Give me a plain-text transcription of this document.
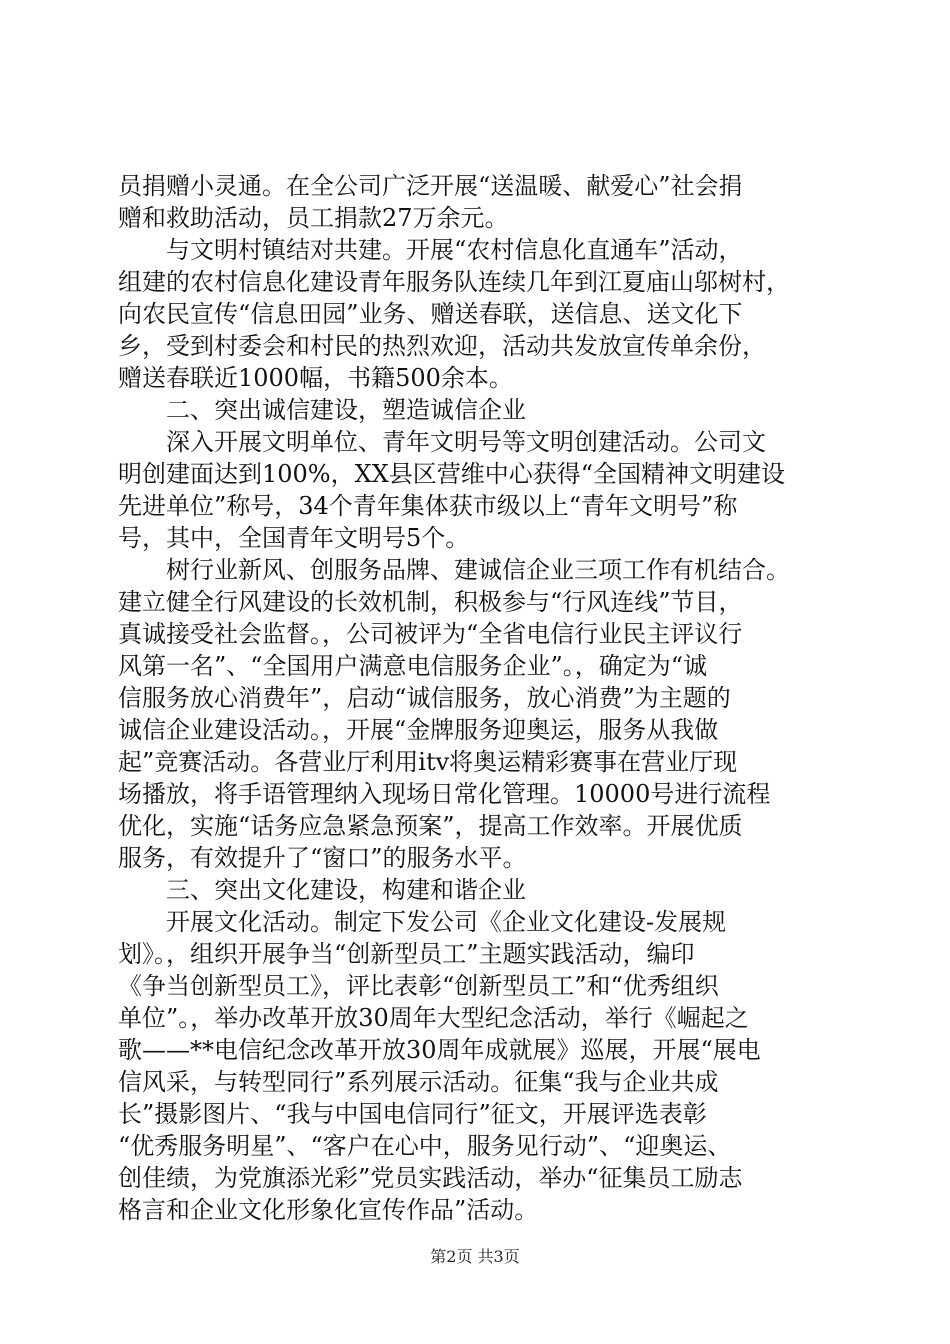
员捐赠小灵通。在全公司广泛开展“送温暖、献爱心”社会捐
赠和救助活动，员工捐款27万余元。
与文明村镇结对共建。开展“农村信息化直通车”活动，
组建的农村信息化建设青年服务队连续几年到江夏庙山邬树村，
向农民宣传“信息田园”业务、赠送春联，送信息、送文化下
乡，受到村委会和村民的热烈欢迎，活动共发放宣传单余份，
赠送春联近1000幅，书籍500余本。
二、突出诚信建设，塑造诚信企业
深入开展文明单位、青年文明号等文明创建活动。公司文
明创建面达到100%，XX县区营维中心获得“全国精神文明建设
先进单位”称号，34个青年集体获市级以上“青年文明号”称
号，其中，全国青年文明号5个。
树行业新风、创服务品牌、建诚信企业三项工作有机结合。
建立健全行风建设的长效机制，积极参与“行风连线”节目，
真诚接受社会监督。，公司被评为“全省电信行业民主评议行
风第一名”、“全国用户满意电信服务企业”。，确定为“诚
信服务放心消费年”，启动“诚信服务，放心消费”为主题的
诚信企业建设活动。，开展“金牌服务迎奥运，服务从我做
起”竞赛活动。各营业厅利用itv将奥运精彩赛事在营业厅现
场播放，将手语管理纳入现场日常化管理。10000号进行流程
优化，实施“话务应急紧急预案”，提高工作效率。开展优质
服务，有效提升了“窗口”的服务水平。
三、突出文化建设，构建和谐企业
开展文化活动。制定下发公司《企业文化建设-发展规
划》。，组织开展争当“创新型员工”主题实践活动，编印
《争当创新型员工》，评比表彰“创新型员工”和“优秀组织
单位”。，举办改革开放30周年大型纪念活动，举行《崛起之
歌——**电信纪念改革开放30周年成就展》巡展，开展“展电
信风采，与转型同行”系列展示活动。征集“我与企业共成
长”摄影图片、“我与中国电信同行”征文，开展评选表彰
“优秀服务明星”、“客户在心中，服务见行动”、“迎奥运、
创佳绩，为党旗添光彩”党员实践活动，举办“征集员工励志
格言和企业文化形象化宣传作品”活动。
第2页 共3页
